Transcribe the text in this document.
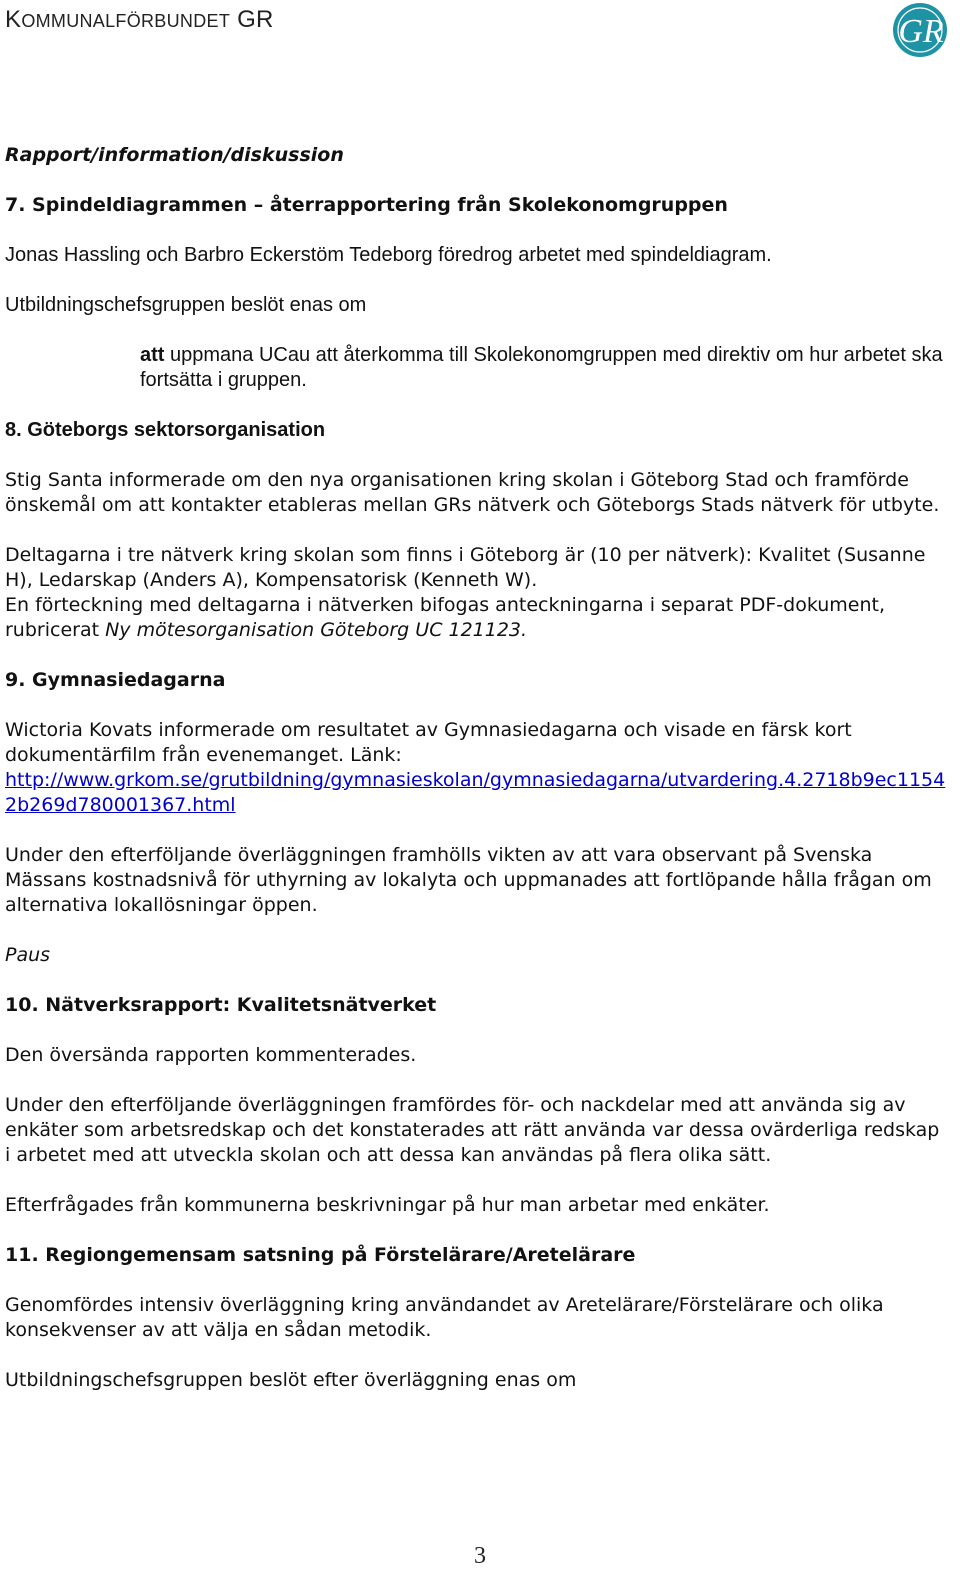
KOMMUNALFÖRBUNDET GR	GR

Rapport/information/diskussion

7. Spindeldiagrammen – återrapportering från Skolekonomgruppen

Jonas Hassling och Barbro Eckerstöm Tedeborg föredrog arbetet med spindeldiagram.

Utbildningschefsgruppen beslöt enas om

att uppmana UCau att återkomma till Skolekonomgruppen med direktiv om hur arbetet ska fortsätta i gruppen.

8. Göteborgs sektorsorganisation

Stig Santa informerade om den nya organisationen kring skolan i Göteborg Stad och framförde önskemål om att kontakter etableras mellan GRs nätverk och Göteborgs Stads nätverk för utbyte.

Deltagarna i tre nätverk kring skolan som finns i Göteborg är (10 per nätverk): Kvalitet (Susanne H), Ledarskap (Anders A), Kompensatorisk (Kenneth W).
En förteckning med deltagarna i nätverken bifogas anteckningarna i separat PDF-dokument, rubricerat Ny mötesorganisation Göteborg UC 121123.

9. Gymnasiedagarna

Wictoria Kovats informerade om resultatet av Gymnasiedagarna och visade en färsk kort dokumentärfilm från evenemanget. Länk:
http://www.grkom.se/grutbildning/gymnasieskolan/gymnasiedagarna/utvardering.4.2718b9ec11542b269d780001367.html

Under den efterföljande överläggningen framhölls vikten av att vara observant på Svenska Mässans kostnadsnivå för uthyrning av lokalyta och uppmanades att fortlöpande hålla frågan om alternativa lokallösningar öppen.

Paus

10. Nätverksrapport: Kvalitetsnätverket

Den översända rapporten kommenterades.

Under den efterföljande överläggningen framfördes för- och nackdelar med att använda sig av enkäter som arbetsredskap och det konstaterades att rätt använda var dessa ovärderliga redskap i arbetet med att utveckla skolan och att dessa kan användas på flera olika sätt.

Efterfrågades från kommunerna beskrivningar på hur man arbetar med enkäter.

11. Regiongemensam satsning på Förstelärare/Aretelärare

Genomfördes intensiv överläggning kring användandet av Aretelärare/Förstelärare och olika konsekvenser av att välja en sådan metodik.

Utbildningschefsgruppen beslöt efter överläggning enas om

3
